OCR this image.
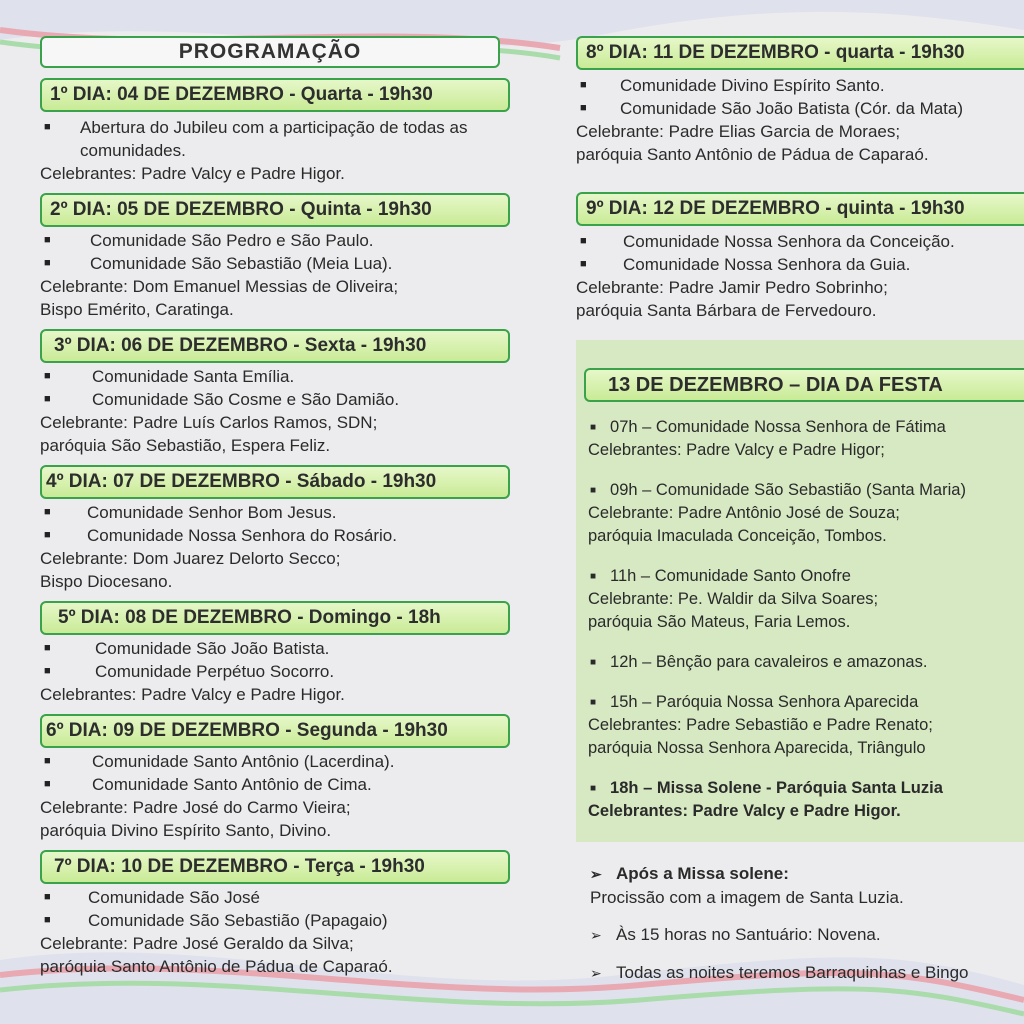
PROGRAMAÇÃO
1º DIA: 04 DE DEZEMBRO - Quarta - 19h30
■	Abertura do Jubileu com a participação de todas as comunidades.
Celebrantes: Padre Valcy e Padre Higor.
2º DIA: 05 DE DEZEMBRO - Quinta - 19h30
■	Comunidade São Pedro e São Paulo.
■	Comunidade São Sebastião (Meia Lua).
Celebrante: Dom Emanuel Messias de Oliveira;
Bispo Emérito, Caratinga.
3º DIA: 06 DE DEZEMBRO - Sexta - 19h30
■	Comunidade Santa Emília.
■	Comunidade São Cosme e São Damião.
Celebrante: Padre Luís Carlos Ramos, SDN;
paróquia São Sebastião, Espera Feliz.
4º DIA: 07 DE DEZEMBRO - Sábado - 19h30
■	Comunidade Senhor Bom Jesus.
■	Comunidade Nossa Senhora do Rosário.
Celebrante: Dom Juarez Delorto Secco;
Bispo Diocesano.
5º DIA: 08 DE DEZEMBRO - Domingo - 18h
■	Comunidade São João Batista.
■	Comunidade Perpétuo Socorro.
Celebrantes: Padre Valcy e Padre Higor.
6º DIA: 09 DE DEZEMBRO - Segunda - 19h30
■	Comunidade Santo Antônio (Lacerdina).
■	Comunidade Santo Antônio de Cima.
Celebrante: Padre José do Carmo Vieira;
paróquia Divino Espírito Santo, Divino.
7º DIA: 10 DE DEZEMBRO - Terça - 19h30
■	Comunidade São José
■	Comunidade São Sebastião (Papagaio)
Celebrante: Padre José Geraldo da Silva;
paróquia Santo Antônio de Pádua de Caparaó.
8º DIA: 11 DE DEZEMBRO - quarta - 19h30
■	Comunidade Divino Espírito Santo.
■	Comunidade São João Batista (Cór. da Mata)
Celebrante: Padre Elias Garcia de Moraes;
paróquia Santo Antônio de Pádua de Caparaó.
9º DIA: 12 DE DEZEMBRO - quinta - 19h30
■	Comunidade Nossa Senhora da Conceição.
■	Comunidade Nossa Senhora da Guia.
Celebrante: Padre Jamir Pedro Sobrinho;
paróquia Santa Bárbara de Fervedouro.
13 DE DEZEMBRO – DIA DA FESTA
■ 07h – Comunidade Nossa Senhora de Fátima
Celebrantes: Padre Valcy e Padre Higor;
■ 09h – Comunidade São Sebastião (Santa Maria)
Celebrante: Padre Antônio José de Souza;
paróquia Imaculada Conceição, Tombos.
■ 11h – Comunidade Santo Onofre
Celebrante: Pe. Waldir da Silva Soares;
paróquia São Mateus, Faria Lemos.
■ 12h – Bênção para cavaleiros e amazonas.
■ 15h – Paróquia Nossa Senhora Aparecida
Celebrantes: Padre Sebastião e Padre Renato;
paróquia Nossa Senhora Aparecida, Triângulo
■ 18h – Missa Solene - Paróquia Santa Luzia
Celebrantes: Padre Valcy e Padre Higor.
➢ Após a Missa solene:
Procissão com a imagem de Santa Luzia.
➢ Às 15 horas no Santuário: Novena.
➢ Todas as noites teremos Barraquinhas e Bingo
